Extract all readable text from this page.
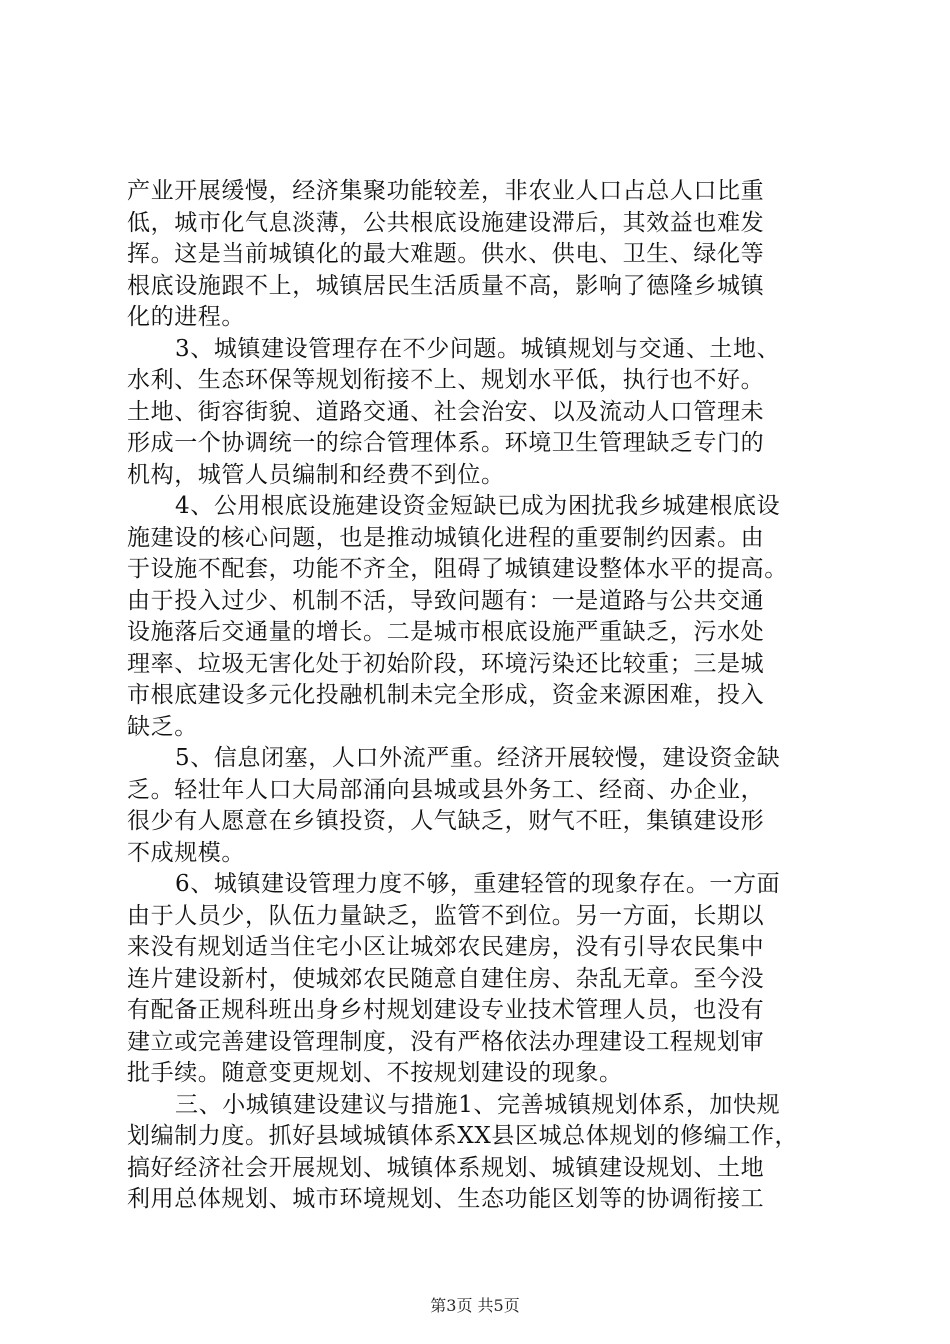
产业开展缓慢，经济集聚功能较差，非农业人口占总人口比重
低，城市化气息淡薄，公共根底设施建设滞后，其效益也难发
挥。这是当前城镇化的最大难题。供水、供电、卫生、绿化等
根底设施跟不上，城镇居民生活质量不高，影响了德隆乡城镇
化的进程。
3、城镇建设管理存在不少问题。城镇规划与交通、土地、
水利、生态环保等规划衔接不上、规划水平低，执行也不好。
土地、街容街貌、道路交通、社会治安、以及流动人口管理未
形成一个协调统一的综合管理体系。环境卫生管理缺乏专门的
机构，城管人员编制和经费不到位。
4、公用根底设施建设资金短缺已成为困扰我乡城建根底设
施建设的核心问题，也是推动城镇化进程的重要制约因素。由
于设施不配套，功能不齐全，阻碍了城镇建设整体水平的提高。
由于投入过少、机制不活，导致问题有：一是道路与公共交通
设施落后交通量的增长。二是城市根底设施严重缺乏，污水处
理率、垃圾无害化处于初始阶段，环境污染还比较重；三是城
市根底建设多元化投融机制未完全形成，资金来源困难，投入
缺乏。
5、信息闭塞，人口外流严重。经济开展较慢，建设资金缺
乏。轻壮年人口大局部涌向县城或县外务工、经商、办企业，
很少有人愿意在乡镇投资，人气缺乏，财气不旺，集镇建设形
不成规模。
6、城镇建设管理力度不够，重建轻管的现象存在。一方面
由于人员少，队伍力量缺乏，监管不到位。另一方面，长期以
来没有规划适当住宅小区让城郊农民建房，没有引导农民集中
连片建设新村，使城郊农民随意自建住房、杂乱无章。至今没
有配备正规科班出身乡村规划建设专业技术管理人员，也没有
建立或完善建设管理制度，没有严格依法办理建设工程规划审
批手续。随意变更规划、不按规划建设的现象。
三、小城镇建设建议与措施1、完善城镇规划体系，加快规
划编制力度。抓好县域城镇体系XX县区城总体规划的修编工作，
搞好经济社会开展规划、城镇体系规划、城镇建设规划、土地
利用总体规划、城市环境规划、生态功能区划等的协调衔接工
第3页 共5页
